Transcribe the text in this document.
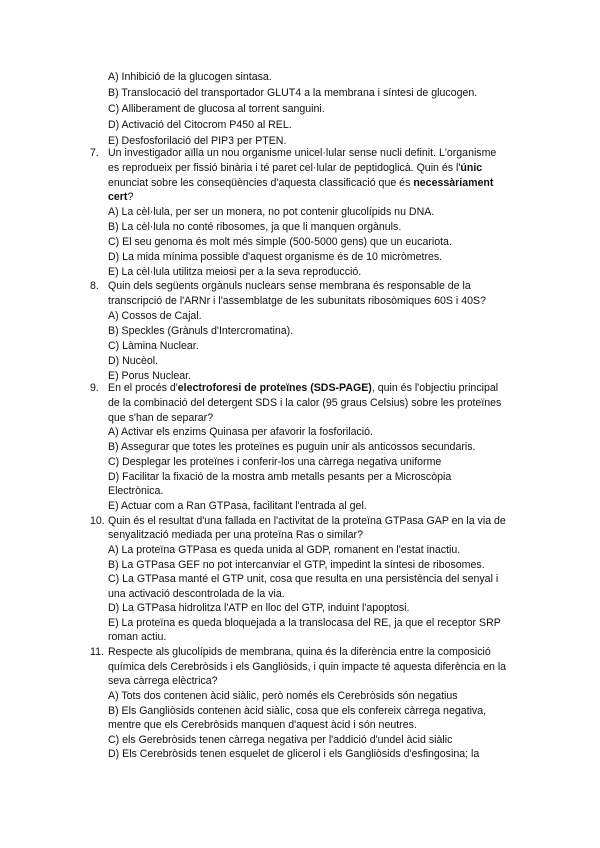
A) Inhibició de la glucogen sintasa.
B) Translocació del transportador GLUT4 a la membrana i síntesi de glucogen.
C) Alliberament de glucosa al torrent sanguini.
D) Activació del Citocrom P450 al REL.
E) Desfosforilació del PIP3 per PTEN.
7. Un investigador aïlla un nou organisme unicel·lular sense nucli definit. L'organisme
es reprodueix per fissió binària i té paret cel·lular de peptidoglicà. Quin és l'únic
enunciat sobre les conseqüències d'aquesta classificació que és necessàriament
cert?
A) La cèl·lula, per ser un monera, no pot contenir glucolípids nu DNA.
B) La cèl·lula no conté ribosomes, ja que li manquen orgànuls.
C) El seu genoma és molt més simple (500-5000 gens) que un eucariota.
D) La mida mínima possible d'aquest organisme és de 10 micròmetres.
E) La cèl·lula utilitza meiosi per a la seva reproducció.
8. Quin dels següents orgànuls nuclears sense membrana és responsable de la
transcripció de l'ARNr i l'assemblatge de les subunitats ribosòmiques 60S i 40S?
A) Cossos de Cajal.
B) Speckles (Grànuls d'Intercromatina).
C) Làmina Nuclear.
D) Nucèol.
E) Porus Nuclear.
9. En el procés d'electroforesi de proteïnes (SDS-PAGE), quin és l'objectiu principal
de la combinació del detergent SDS i la calor (95 graus Celsius) sobre les proteïnes
que s'han de separar?
A) Activar els enzims Quinasa per afavorir la fosforilació.
B) Assegurar que totes les proteïnes es puguin unir als anticossos secundaris.
C) Desplegar les proteïnes i conferir-los una càrrega negativa uniforme
D) Facilitar la fixació de la mostra amb metalls pesants per a Microscòpia
Electrònica.
E) Actuar com a Ran GTPasa, facilitant l'entrada al gel.
10. Quin és el resultat d'una fallada en l'activitat de la proteïna GTPasa GAP en la via de
senyalització mediada per una proteïna Ras o similar?
A) La proteïna GTPasa es queda unida al GDP, romanent en l'estat inactiu.
B) La GTPasa GEF no pot intercanviar el GTP, impedint la síntesi de ribosomes.
C) La GTPasa manté el GTP unit, cosa que resulta en una persistència del senyal i
una activació descontrolada de la via.
D) La GTPasa hidrolitza l'ATP en lloc del GTP, induint l'apoptosi.
E) La proteïna es queda bloquejada a la translocasa del RE, ja que el receptor SRP
roman actiu.
11. Respecte als glucolípids de membrana, quina és la diferència entre la composició
química dels Cerebròsids i els Gangliòsids, i quin impacte té aquesta diferència en la
seva càrrega elèctrica?
A) Tots dos contenen àcid siàlic, però només els Cerebròsids són negatius
B) Els Gangliòsids contenen àcid siàlic, cosa que els confereix càrrega negativa,
mentre que els Cerebròsids manquen d'aquest àcid i són neutres.
C) els Gerebròsids tenen càrrega negativa per l'addició d'undel àcid siàlic
D) Els Cerebròsids tenen esquelet de glicerol i els Gangliòsids d'esfingosina; la
